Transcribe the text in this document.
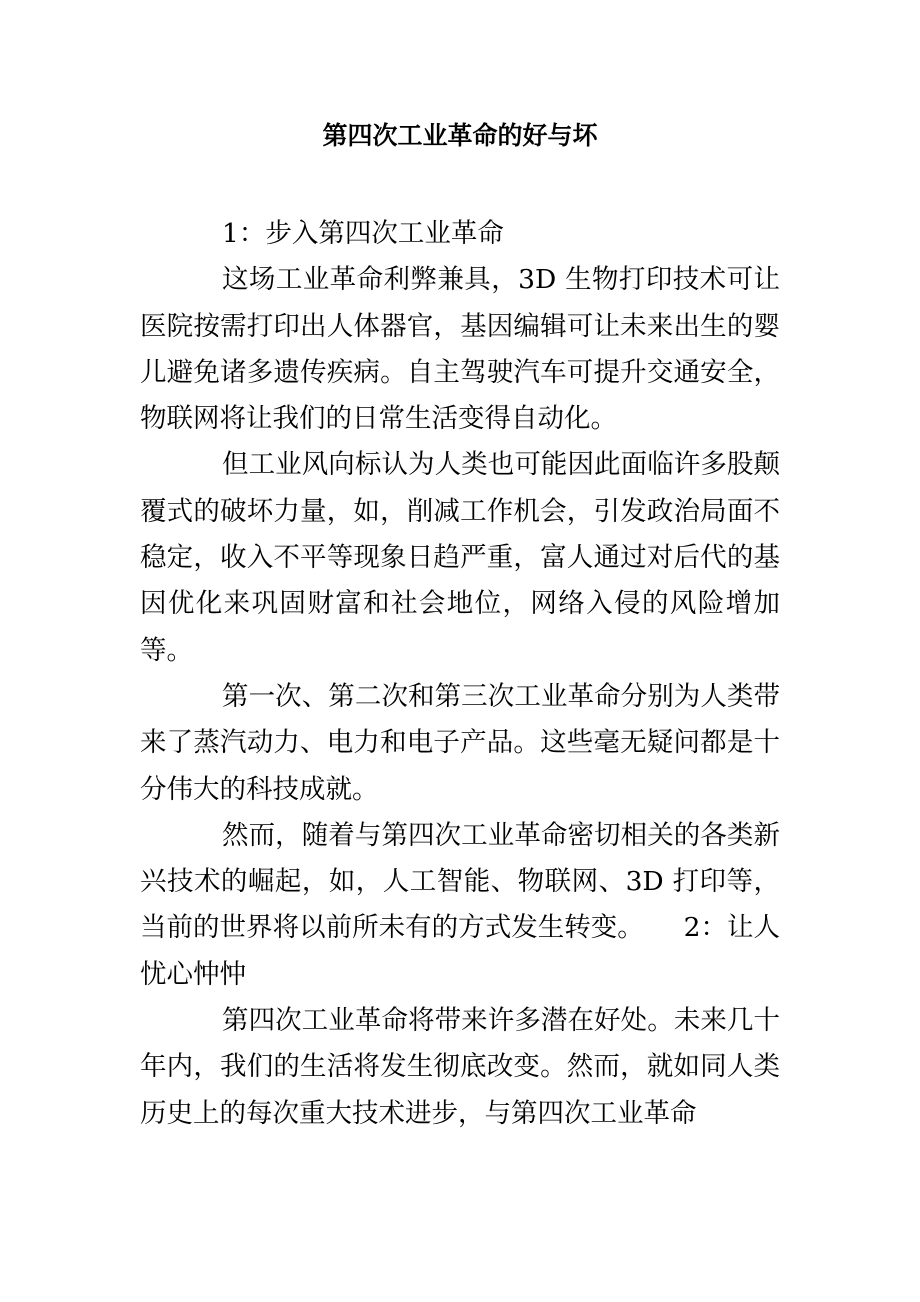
第四次工业革命的好与坏

1：步入第四次工业革命

这场工业革命利弊兼具，3D 生物打印技术可让医院按需打印出人体器官，基因编辑可让未来出生的婴儿避免诸多遗传疾病。自主驾驶汽车可提升交通安全，物联网将让我们的日常生活变得自动化。

但工业风向标认为人类也可能因此面临许多股颠覆式的破坏力量，如，削减工作机会，引发政治局面不稳定，收入不平等现象日趋严重，富人通过对后代的基因优化来巩固财富和社会地位，网络入侵的风险增加等。

第一次、第二次和第三次工业革命分别为人类带来了蒸汽动力、电力和电子产品。这些毫无疑问都是十分伟大的科技成就。

然而，随着与第四次工业革命密切相关的各类新兴技术的崛起，如，人工智能、物联网、3D 打印等，当前的世界将以前所未有的方式发生转变。　　2：让人忧心忡忡

第四次工业革命将带来许多潜在好处。未来几十年内，我们的生活将发生彻底改变。然而，就如同人类历史上的每次重大技术进步，与第四次工业革命
